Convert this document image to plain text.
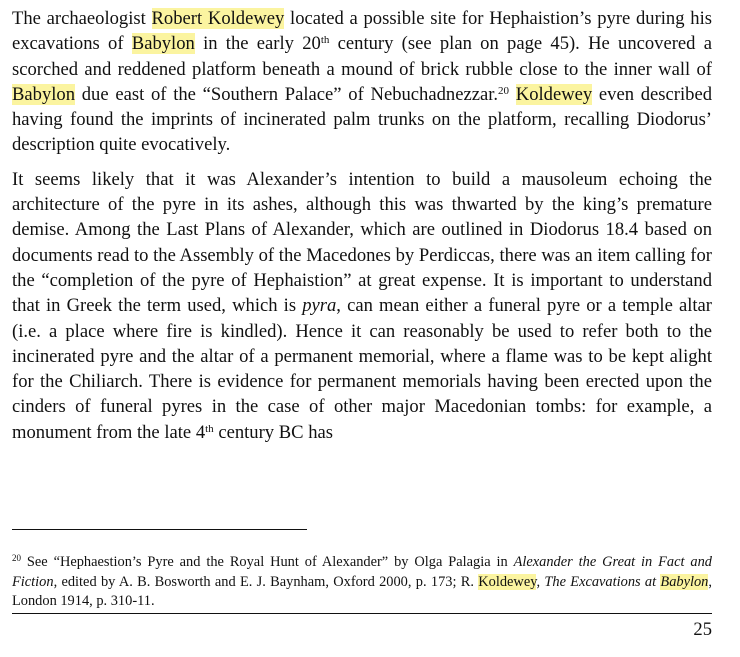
The archaeologist Robert Koldewey located a possible site for Hephaistion’s pyre during his excavations of Babylon in the early 20th century (see plan on page 45). He uncovered a scorched and reddened platform beneath a mound of brick rubble close to the inner wall of Babylon due east of the “Southern Palace” of Nebuchadnezzar.$^{20}$ Koldewey even described having found the imprints of incinerated palm trunks on the platform, recalling Diodorus’ description quite evocatively.

It seems likely that it was Alexander’s intention to build a mausoleum echoing the architecture of the pyre in its ashes, although this was thwarted by the king’s premature demise. Among the Last Plans of Alexander, which are outlined in Diodorus 18.4 based on documents read to the Assembly of the Macedones by Perdiccas, there was an item calling for the “completion of the pyre of Hephaistion” at great expense. It is important to understand that in Greek the term used, which is pyra, can mean either a funeral pyre or a temple altar (i.e. a place where fire is kindled). Hence it can reasonably be used to refer both to the incinerated pyre and the altar of a permanent memorial, where a flame was to be kept alight for the Chiliarch. There is evidence for permanent memorials having been erected upon the cinders of funeral pyres in the case of other major Macedonian tombs: for example, a monument from the late 4th century BC has

$^{20}$ See “Hephaestion’s Pyre and the Royal Hunt of Alexander” by Olga Palagia in Alexander the Great in Fact and Fiction, edited by A. B. Bosworth and E. J. Baynham, Oxford 2000, p. 173; R. Koldewey, The Excavations at Babylon, London 1914, p. 310-11.

25
